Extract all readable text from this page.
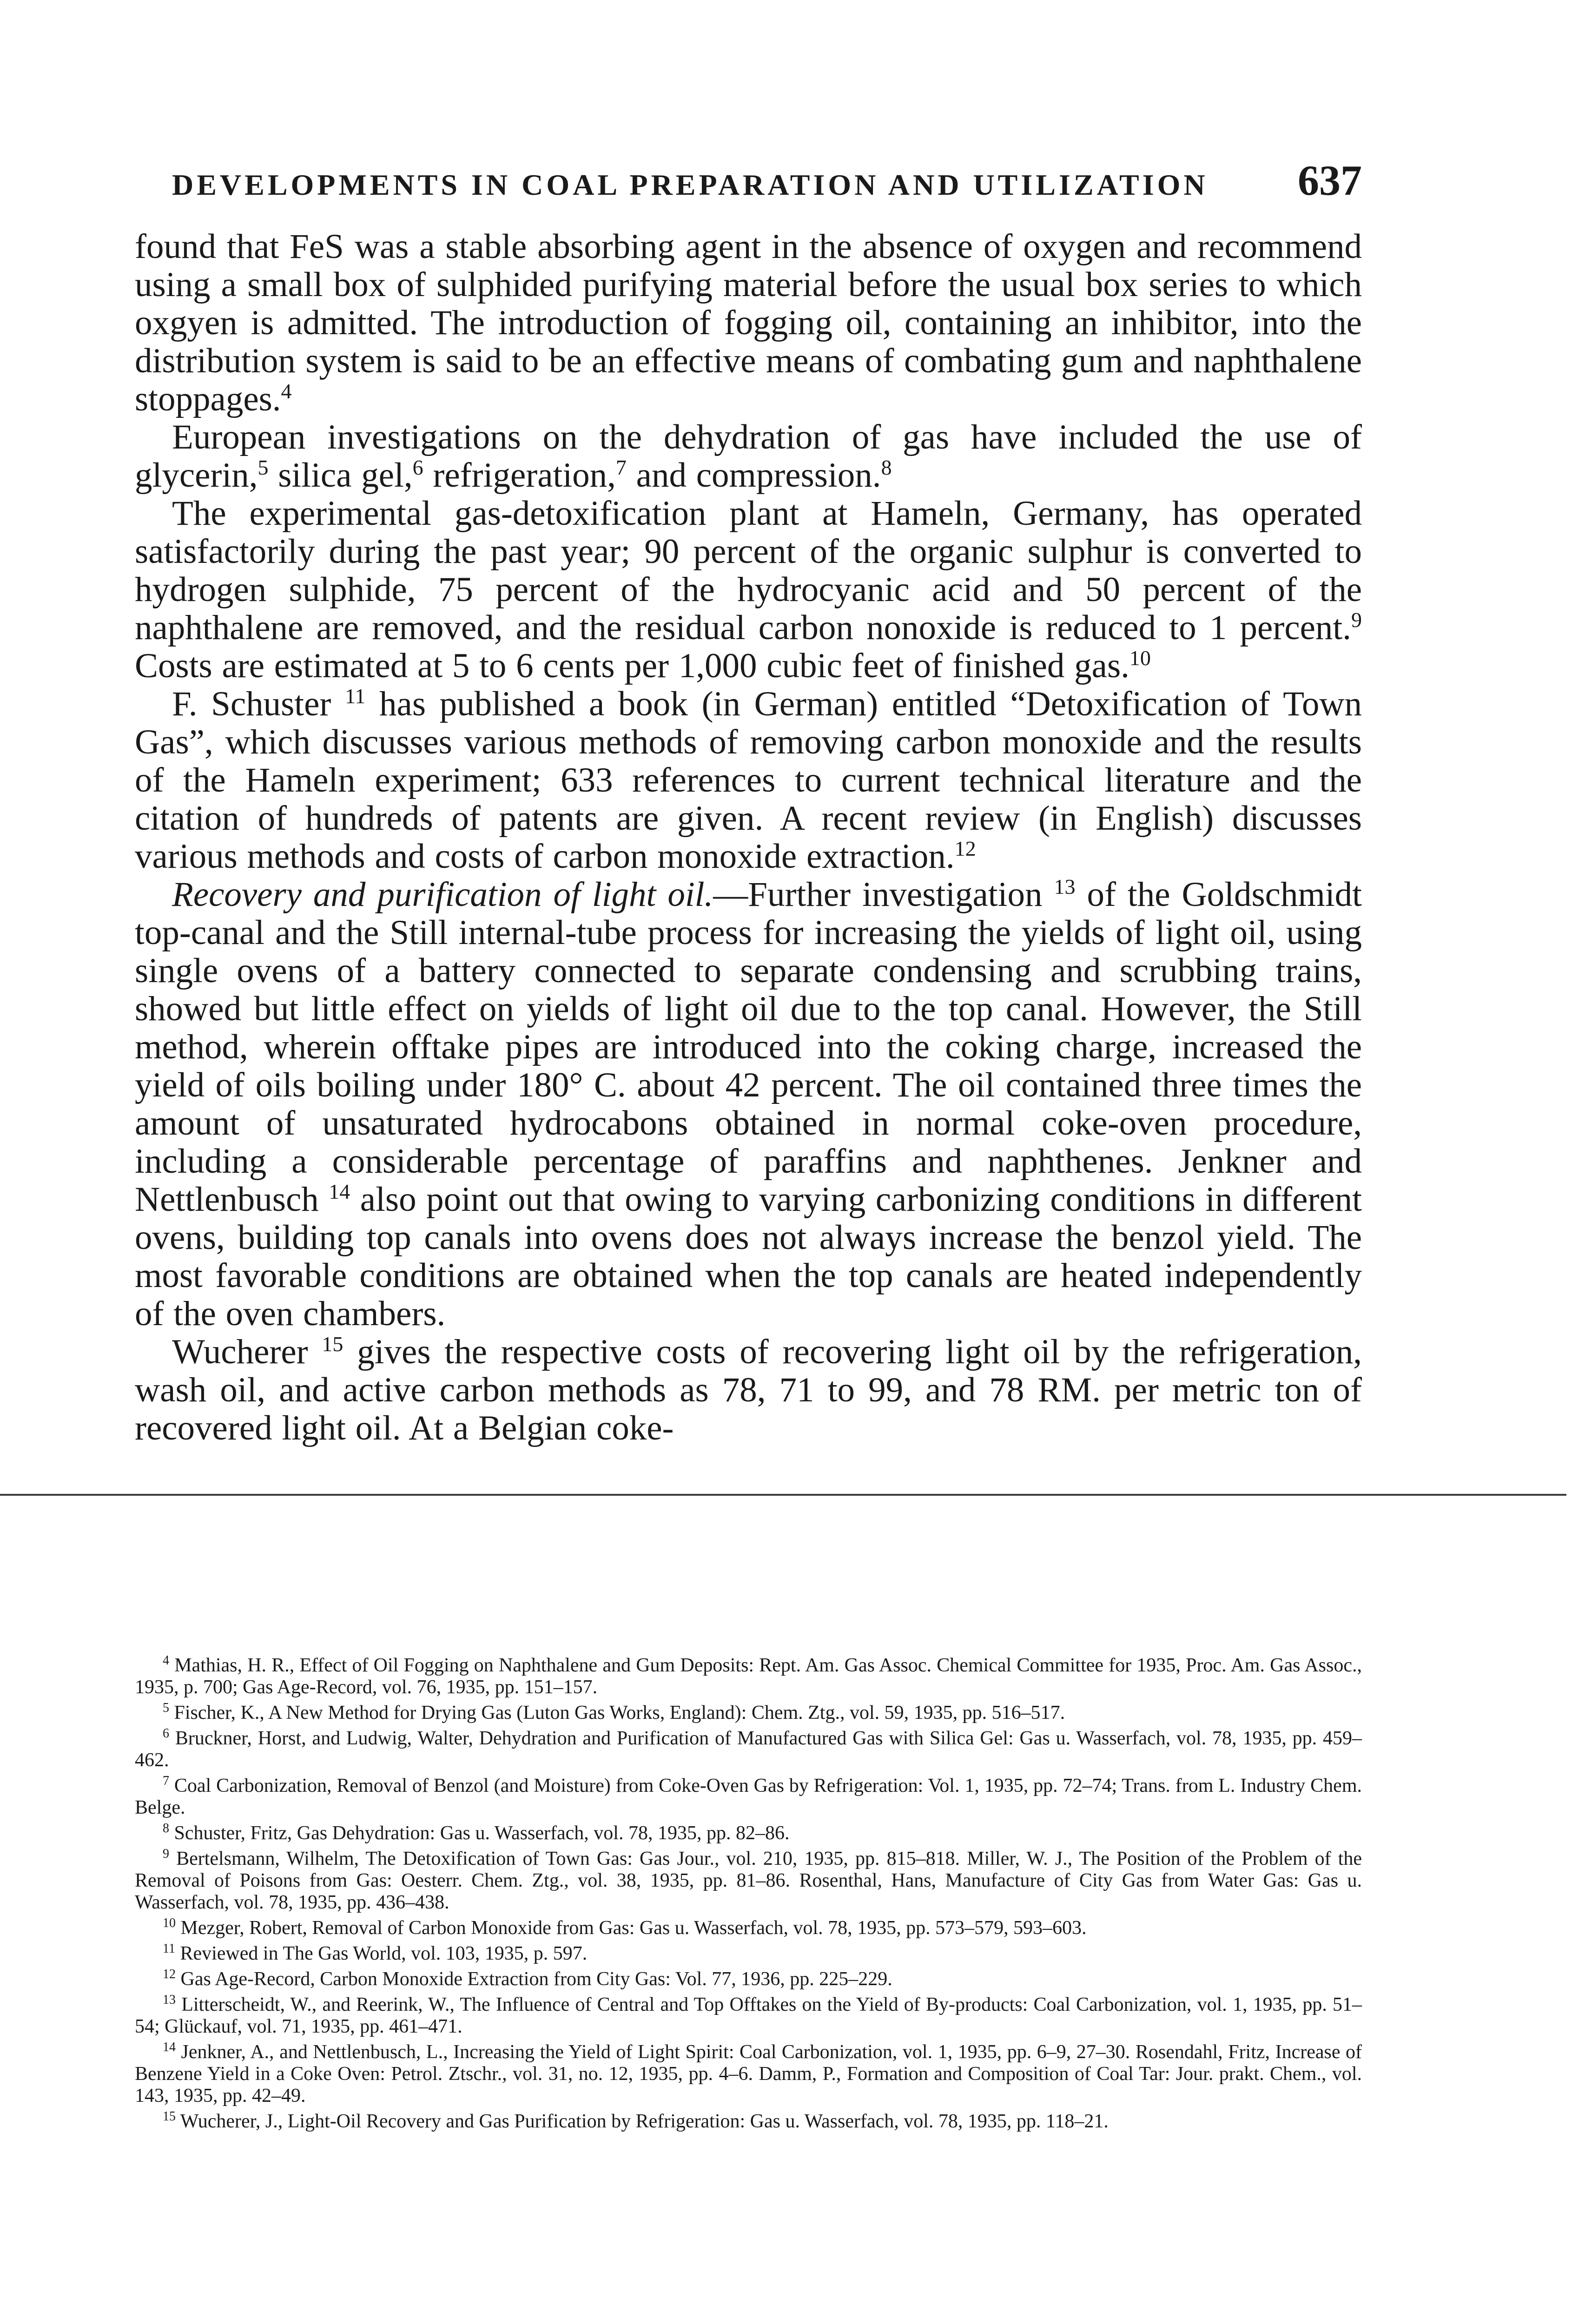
DEVELOPMENTS IN COAL PREPARATION AND UTILIZATION 637

found that FeS was a stable absorbing agent in the absence of oxygen and recommend using a small box of sulphided purifying material before the usual box series to which oxgyen is admitted. The introduction of fogging oil, containing an inhibitor, into the distribution system is said to be an effective means of combating gum and naphthalene stoppages.$^4$

European investigations on the dehydration of gas have included the use of glycerin,$^5$ silica gel,$^6$ refrigeration,$^7$ and compression.$^8$

The experimental gas-detoxification plant at Hameln, Germany, has operated satisfactorily during the past year; 90 percent of the organic sulphur is converted to hydrogen sulphide, 75 percent of the hydrocyanic acid and 50 percent of the naphthalene are removed, and the residual carbon nonoxide is reduced to 1 percent.$^9$ Costs are estimated at 5 to 6 cents per 1,000 cubic feet of finished gas.$^{10}$

F. Schuster $^{11}$ has published a book (in German) entitled “Detoxification of Town Gas”, which discusses various methods of removing carbon monoxide and the results of the Hameln experiment; 633 references to current technical literature and the citation of hundreds of patents are given. A recent review (in English) discusses various methods and costs of carbon monoxide extraction.$^{12}$

Recovery and purification of light oil.—Further investigation $^{13}$ of the Goldschmidt top-canal and the Still internal-tube process for increasing the yields of light oil, using single ovens of a battery connected to separate condensing and scrubbing trains, showed but little effect on yields of light oil due to the top canal. However, the Still method, wherein offtake pipes are introduced into the coking charge, increased the yield of oils boiling under 180° C. about 42 percent. The oil contained three times the amount of unsaturated hydrocabons obtained in normal coke-oven procedure, including a considerable percentage of paraffins and naphthenes. Jenkner and Nettlenbusch $^{14}$ also point out that owing to varying carbonizing conditions in different ovens, building top canals into ovens does not always increase the benzol yield. The most favorable conditions are obtained when the top canals are heated independently of the oven chambers.

Wucherer $^{15}$ gives the respective costs of recovering light oil by the refrigeration, wash oil, and active carbon methods as 78, 71 to 99, and 78 RM. per metric ton of recovered light oil. At a Belgian coke-

$^4$ Mathias, H. R., Effect of Oil Fogging on Naphthalene and Gum Deposits: Rept. Am. Gas Assoc. Chemical Committee for 1935, Proc. Am. Gas Assoc., 1935, p. 700; Gas Age-Record, vol. 76, 1935, pp. 151–157.

$^5$ Fischer, K., A New Method for Drying Gas (Luton Gas Works, England): Chem. Ztg., vol. 59, 1935, pp. 516–517.

$^6$ Bruckner, Horst, and Ludwig, Walter, Dehydration and Purification of Manufactured Gas with Silica Gel: Gas u. Wasserfach, vol. 78, 1935, pp. 459–462.

$^7$ Coal Carbonization, Removal of Benzol (and Moisture) from Coke-Oven Gas by Refrigeration: Vol. 1, 1935, pp. 72–74; Trans. from L. Industry Chem. Belge.

$^8$ Schuster, Fritz, Gas Dehydration: Gas u. Wasserfach, vol. 78, 1935, pp. 82–86.

$^9$ Bertelsmann, Wilhelm, The Detoxification of Town Gas: Gas Jour., vol. 210, 1935, pp. 815–818. Miller, W. J., The Position of the Problem of the Removal of Poisons from Gas: Oesterr. Chem. Ztg., vol. 38, 1935, pp. 81–86. Rosenthal, Hans, Manufacture of City Gas from Water Gas: Gas u. Wasserfach, vol. 78, 1935, pp. 436–438.

$^{10}$ Mezger, Robert, Removal of Carbon Monoxide from Gas: Gas u. Wasserfach, vol. 78, 1935, pp. 573–579, 593–603.

$^{11}$ Reviewed in The Gas World, vol. 103, 1935, p. 597.

$^{12}$ Gas Age-Record, Carbon Monoxide Extraction from City Gas: Vol. 77, 1936, pp. 225–229.

$^{13}$ Litterscheidt, W., and Reerink, W., The Influence of Central and Top Offtakes on the Yield of By-products: Coal Carbonization, vol. 1, 1935, pp. 51–54; Glückauf, vol. 71, 1935, pp. 461–471.

$^{14}$ Jenkner, A., and Nettlenbusch, L., Increasing the Yield of Light Spirit: Coal Carbonization, vol. 1, 1935, pp. 6–9, 27–30. Rosendahl, Fritz, Increase of Benzene Yield in a Coke Oven: Petrol. Ztschr., vol. 31, no. 12, 1935, pp. 4–6. Damm, P., Formation and Composition of Coal Tar: Jour. prakt. Chem., vol. 143, 1935, pp. 42–49.

$^{15}$ Wucherer, J., Light-Oil Recovery and Gas Purification by Refrigeration: Gas u. Wasserfach, vol. 78, 1935, pp. 118–21.
